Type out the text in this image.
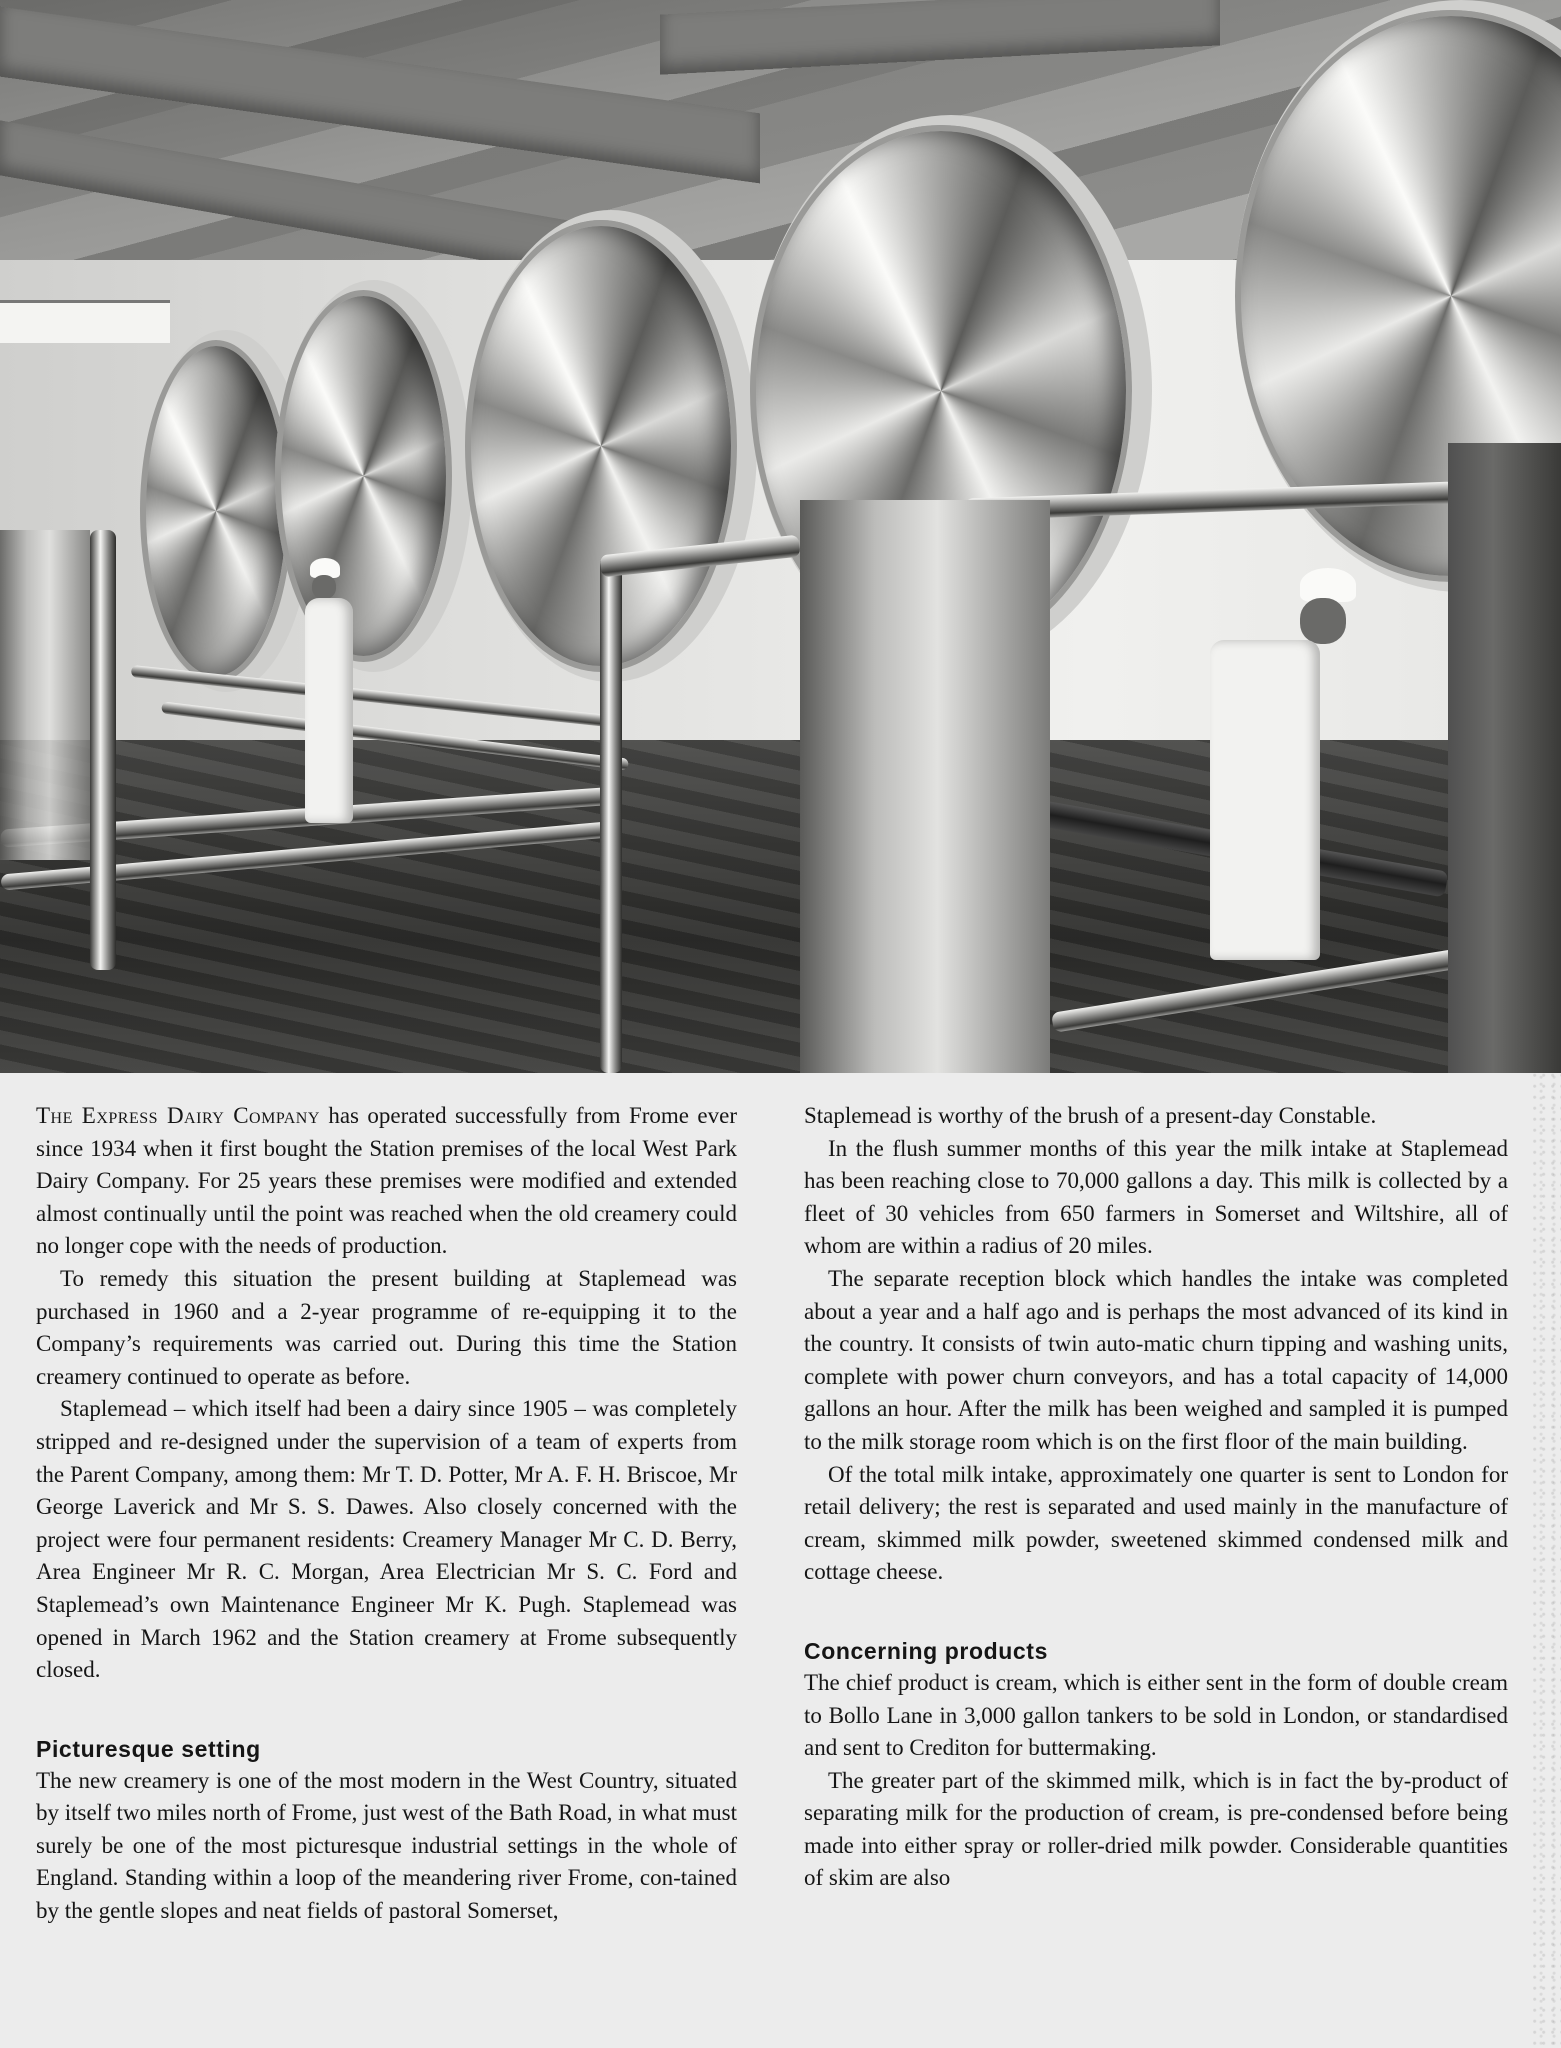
The Express Dairy Company has operated successfully from Frome ever since 1934 when it first bought the Station premises of the local West Park Dairy Company. For 25 years these premises were modified and extended almost continually until the point was reached when the old creamery could no longer cope with the needs of production.

To remedy this situation the present building at Staplemead was purchased in 1960 and a 2-year programme of re-equipping it to the Company’s requirements was carried out. During this time the Station creamery continued to operate as before.

Staplemead – which itself had been a dairy since 1905 – was completely stripped and re-designed under the supervision of a team of experts from the Parent Company, among them: Mr T. D. Potter, Mr A. F. H. Briscoe, Mr George Laverick and Mr S. S. Dawes. Also closely concerned with the project were four permanent residents: Creamery Manager Mr C. D. Berry, Area Engineer Mr R. C. Morgan, Area Electrician Mr S. C. Ford and Staplemead’s own Maintenance Engineer Mr K. Pugh. Staplemead was opened in March 1962 and the Station creamery at Frome subsequently closed.

Picturesque setting

The new creamery is one of the most modern in the West Country, situated by itself two miles north of Frome, just west of the Bath Road, in what must surely be one of the most picturesque industrial settings in the whole of England. Standing within a loop of the meandering river Frome, con-tained by the gentle slopes and neat fields of pastoral Somerset,

Staplemead is worthy of the brush of a present-day Constable.

In the flush summer months of this year the milk intake at Staplemead has been reaching close to 70,000 gallons a day. This milk is collected by a fleet of 30 vehicles from 650 farmers in Somerset and Wiltshire, all of whom are within a radius of 20 miles.

The separate reception block which handles the intake was completed about a year and a half ago and is perhaps the most advanced of its kind in the country. It consists of twin auto-matic churn tipping and washing units, complete with power churn conveyors, and has a total capacity of 14,000 gallons an hour. After the milk has been weighed and sampled it is pumped to the milk storage room which is on the first floor of the main building.

Of the total milk intake, approximately one quarter is sent to London for retail delivery; the rest is separated and used mainly in the manufacture of cream, skimmed milk powder, sweetened skimmed condensed milk and cottage cheese.

Concerning products

The chief product is cream, which is either sent in the form of double cream to Bollo Lane in 3,000 gallon tankers to be sold in London, or standardised and sent to Crediton for buttermaking.

The greater part of the skimmed milk, which is in fact the by-product of separating milk for the production of cream, is pre-condensed before being made into either spray or roller-dried milk powder. Considerable quantities of skim are also
